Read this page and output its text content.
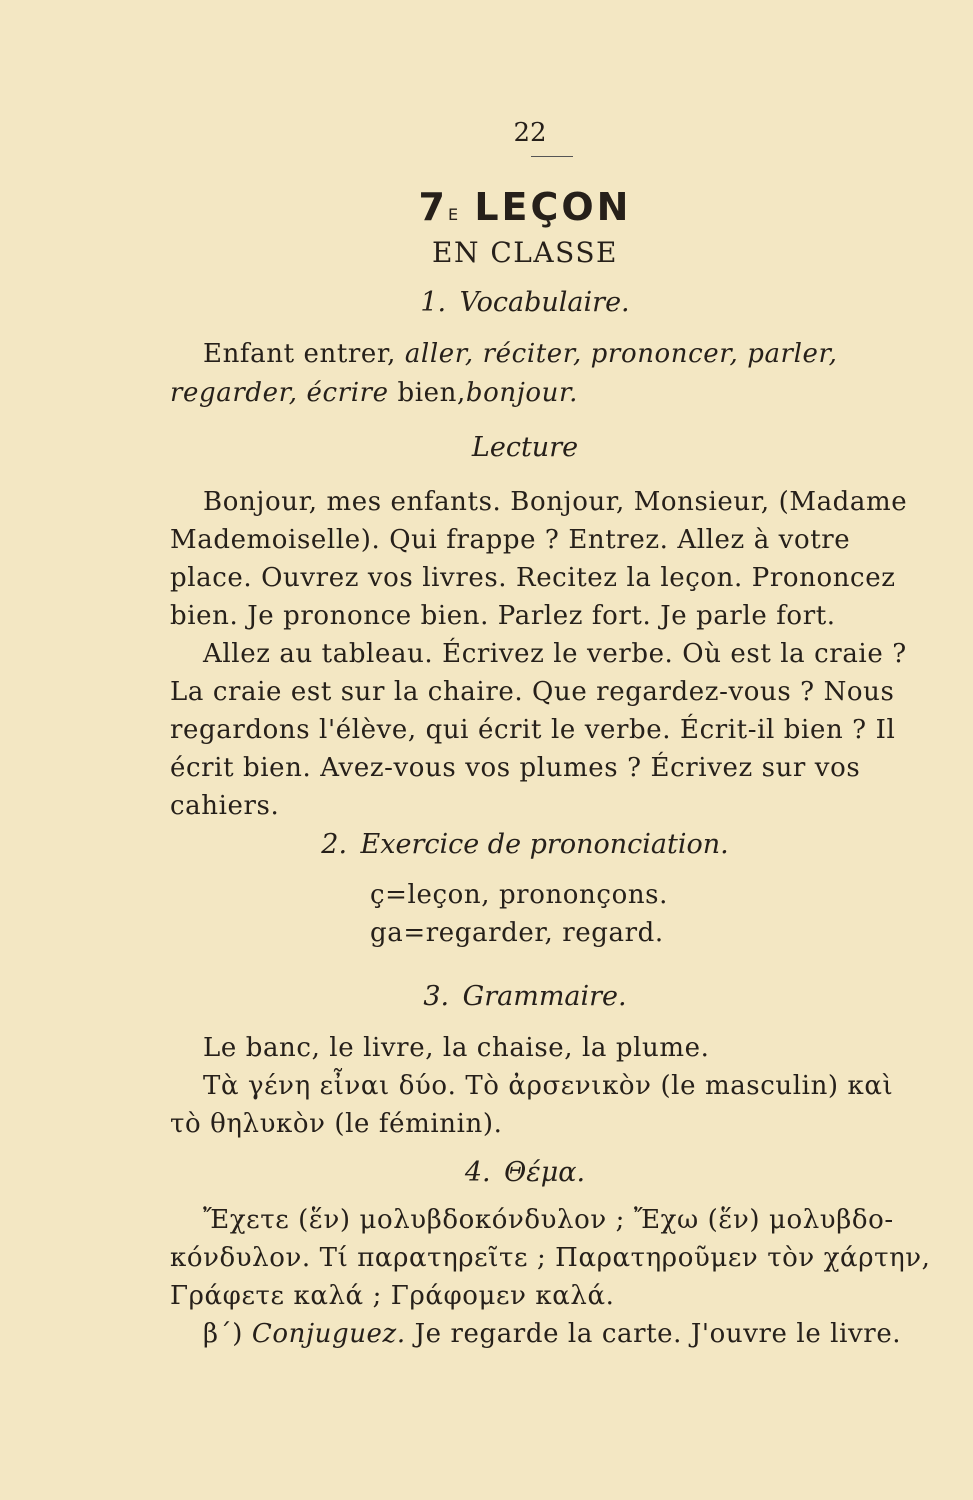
22
7E LEÇON
EN CLASSE
1. Vocabulaire.
Enfant entrer, aller, réciter, prononcer, parler,
regarder, écrire bien,bonjour.
Lecture
Bonjour, mes enfants. Bonjour, Monsieur, (Madame
Mademoiselle). Qui frappe ? Entrez. Allez à votre
place. Ouvrez vos livres. Recitez la leçon. Prononcez
bien. Je prononce bien. Parlez fort. Je parle fort.
Allez au tableau. Écrivez le verbe. Où est la craie ?
La craie est sur la chaire. Que regardez-vous ? Nous
regardons l'élève, qui écrit le verbe. Écrit-il bien ? Il
écrit bien. Avez-vous vos plumes ? Écrivez sur vos
cahiers.
2. Exercice de prononciation.
ç=leçon, prononçons.
ga=regarder, regard.
3. Grammaire.
Le banc, le livre, la chaise, la plume.
Τὰ γένη εἶναι δύο. Τὸ ἀρσενικὸν (le masculin) καὶ
τὸ θηλυκὸν (le féminin).
4. Θέμα.
Ἔχετε (ἕν) μολυβδοκόνδυλον ; Ἔχω (ἕν) μολυβδο-
κόνδυλον. Τί παρατηρεῖτε ; Παρατηροῦμεν τὸν χάρτην,
Γράφετε καλά ; Γράφομεν καλά.
β΄) Conjuguez. Je regarde la carte. J'ouvre le livre.
